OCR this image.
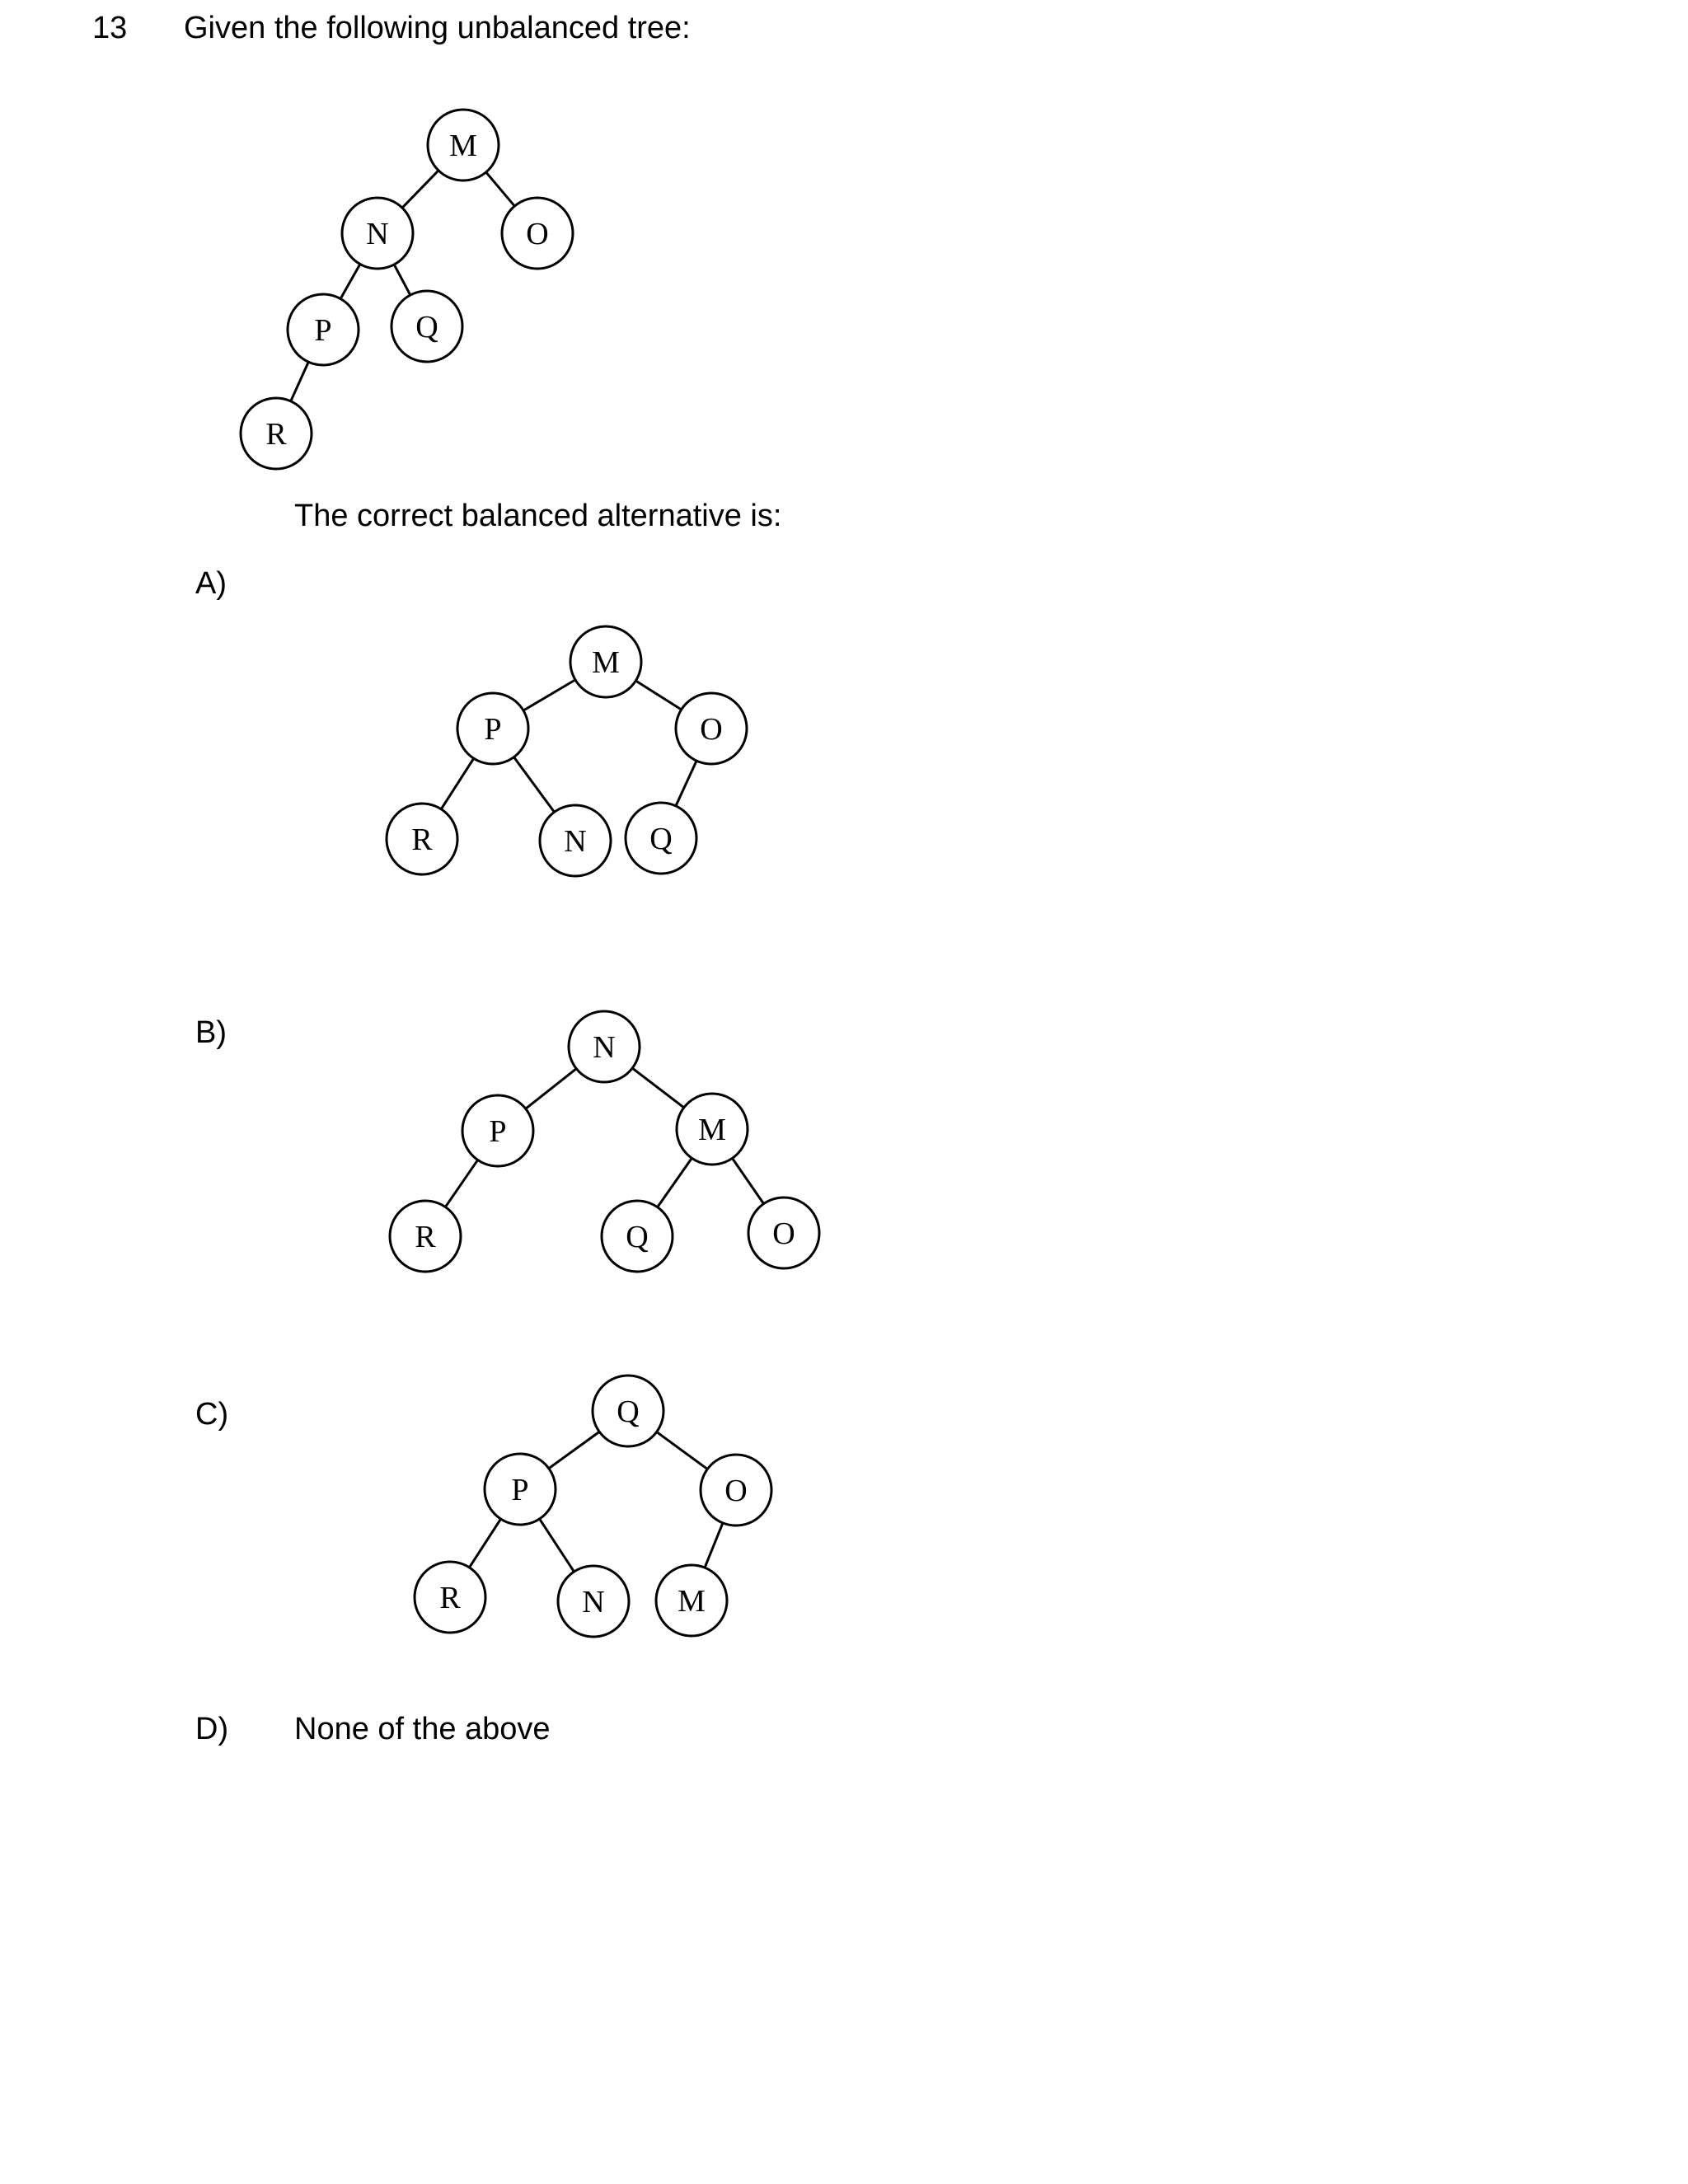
13 Given the following unbalanced tree:
The correct balanced alternative is:
A)
B)
C)
D) None of the above
M
N	O
P	Q
R
M
P	O
R	N Q
N
P	M
R	Q	O
Q
P	O
R	N M
